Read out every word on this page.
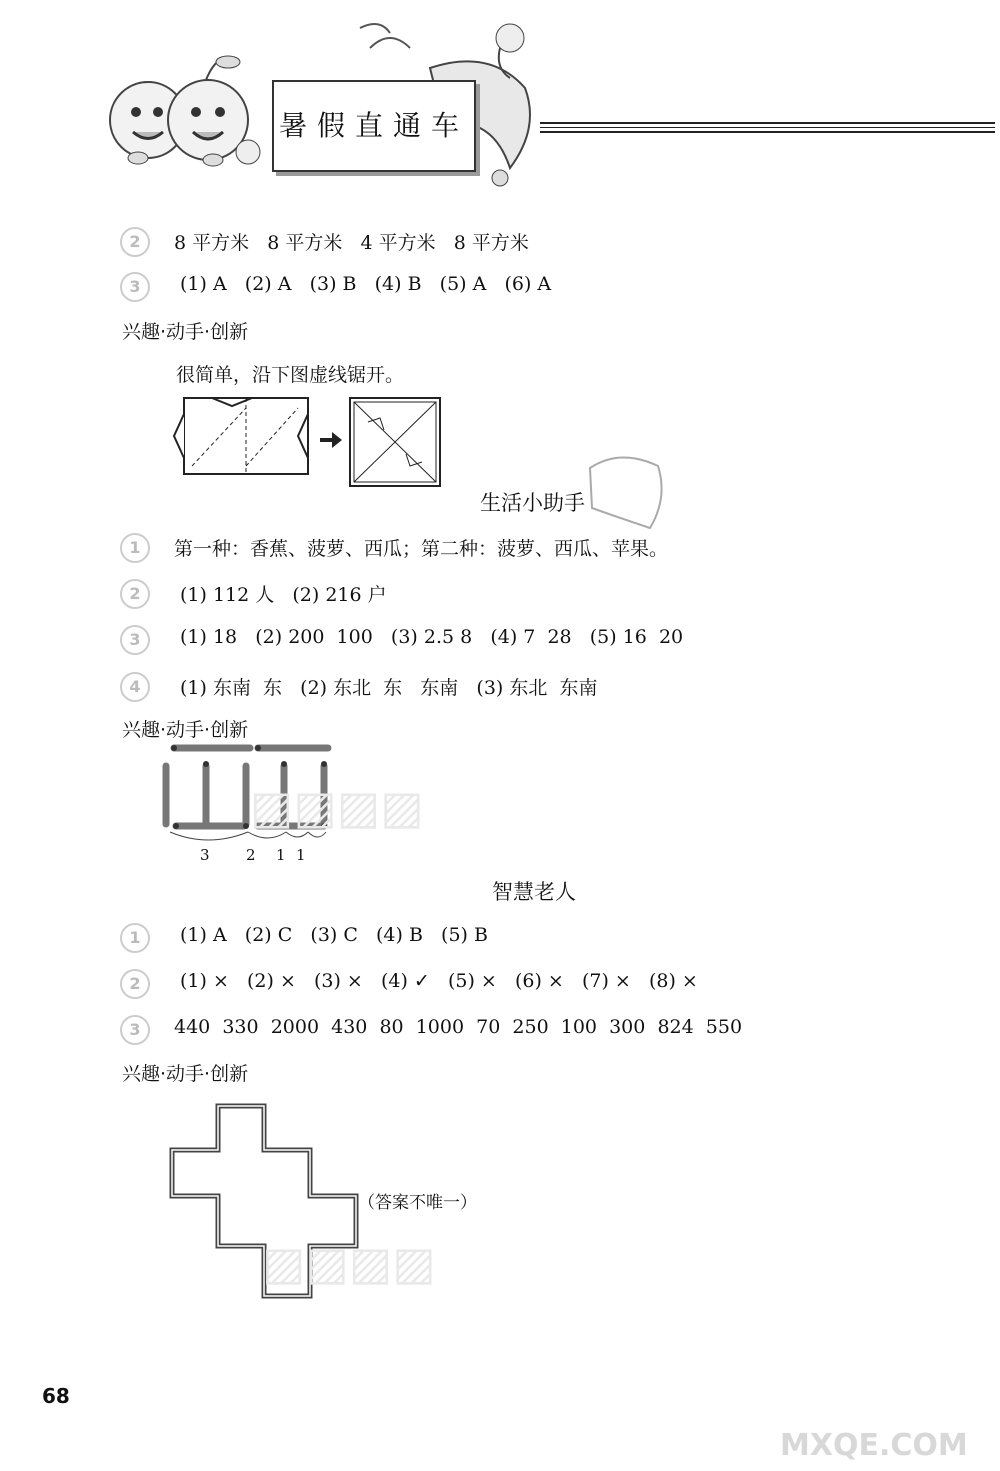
暑假直通车
2	8 平方米   8 平方米   4 平方米   8 平方米
3	(1) A   (2) A   (3) B   (4) B   (5) A   (6) A
兴趣·动手·创新
很简单，沿下图虚线锯开。
生活小助手
1	第一种：香蕉、菠萝、西瓜；第二种：菠萝、西瓜、苹果。
2	(1) 112 人   (2) 216 户
3	(1) 18   (2) 200  100   (3) 2.5 8   (4) 7  28   (5) 16  20
4	(1) 东南  东   (2) 东北  东   东南   (3) 东北  东南
兴趣·动手·创新
3 2 1 1
智慧老人
1	(1) A   (2) C   (3) C   (4) B   (5) B
2	(1) ×   (2) ×   (3) ×   (4) ✓   (5) ×   (6) ×   (7) ×   (8) ×
3	440  330  2000  430  80  1000  70  250  100  300  824  550
兴趣·动手·创新
（答案不唯一）
▨▨▨▨
▨▨▨▨
68
MXQE.COM
